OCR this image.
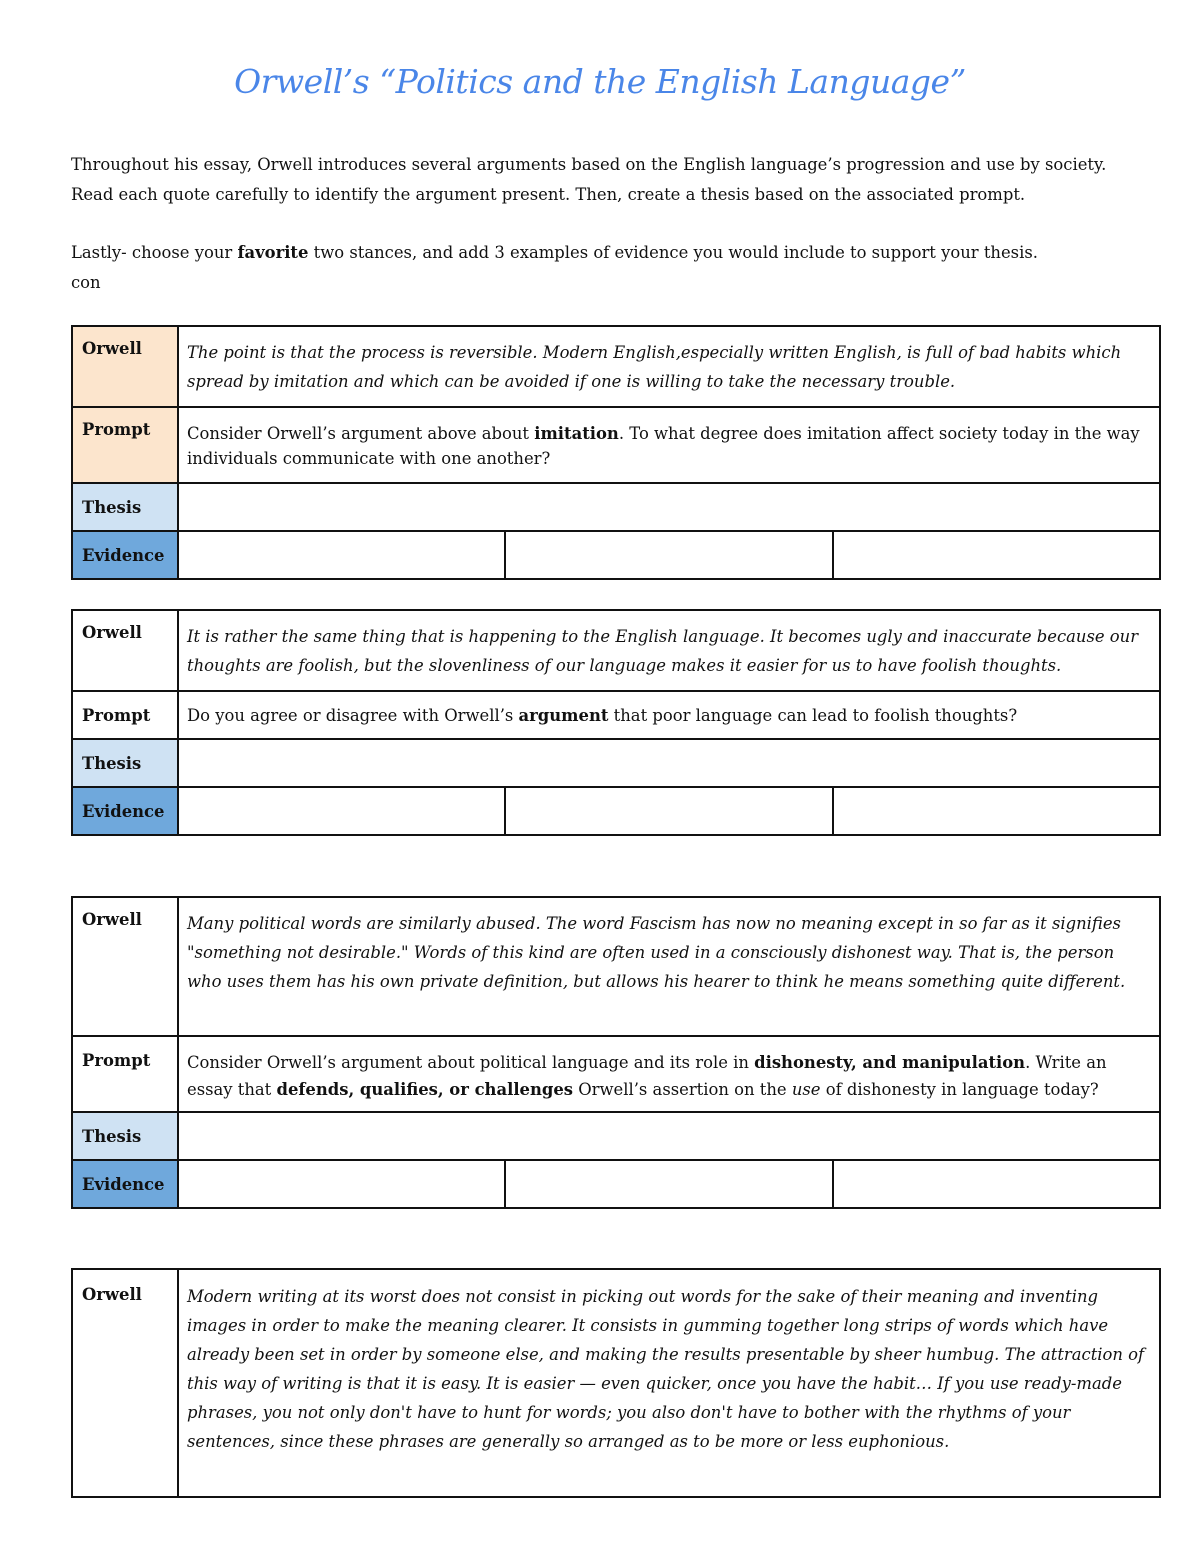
Orwell’s “Politics and the English Language”

Throughout his essay, Orwell introduces several arguments based on the English language’s progression and use by society.

Read each quote carefully to identify the argument present. Then, create a thesis based on the associated prompt.

Lastly- choose your favorite two stances, and add 3 examples of evidence you would include to support your thesis.

con

Orwell	The point is that the process is reversible. Modern English,especially written English, is full of bad habits which spread by imitation and which can be avoided if one is willing to take the necessary trouble.
Prompt	Consider Orwell’s argument above about imitation. To what degree does imitation affect society today in the way individuals communicate with one another?
Thesis	
Evidence	
Orwell	It is rather the same thing that is happening to the English language. It becomes ugly and inaccurate because our thoughts are foolish, but the slovenliness of our language makes it easier for us to have foolish thoughts.
Prompt	Do you agree or disagree with Orwell’s argument that poor language can lead to foolish thoughts?
Thesis	
Evidence	
Orwell	Many political words are similarly abused. The word Fascism has now no meaning except in so far as it signifies "something not desirable." Words of this kind are often used in a consciously dishonest way. That is, the person who uses them has his own private definition, but allows his hearer to think he means something quite different.
Prompt	Consider Orwell’s argument about political language and its role in dishonesty, and manipulation. Write an essay that defends, qualifies, or challenges Orwell’s assertion on the use of dishonesty in language today?
Thesis	
Evidence	
Orwell	Modern writing at its worst does not consist in picking out words for the sake of their meaning and inventing images in order to make the meaning clearer. It consists in gumming together long strips of words which have already been set in order by someone else, and making the results presentable by sheer humbug. The attraction of this way of writing is that it is easy. It is easier — even quicker, once you have the habit… If you use ready-made phrases, you not only don't have to hunt for words; you also don't have to bother with the rhythms of your sentences, since these phrases are generally so arranged as to be more or less euphonious.
